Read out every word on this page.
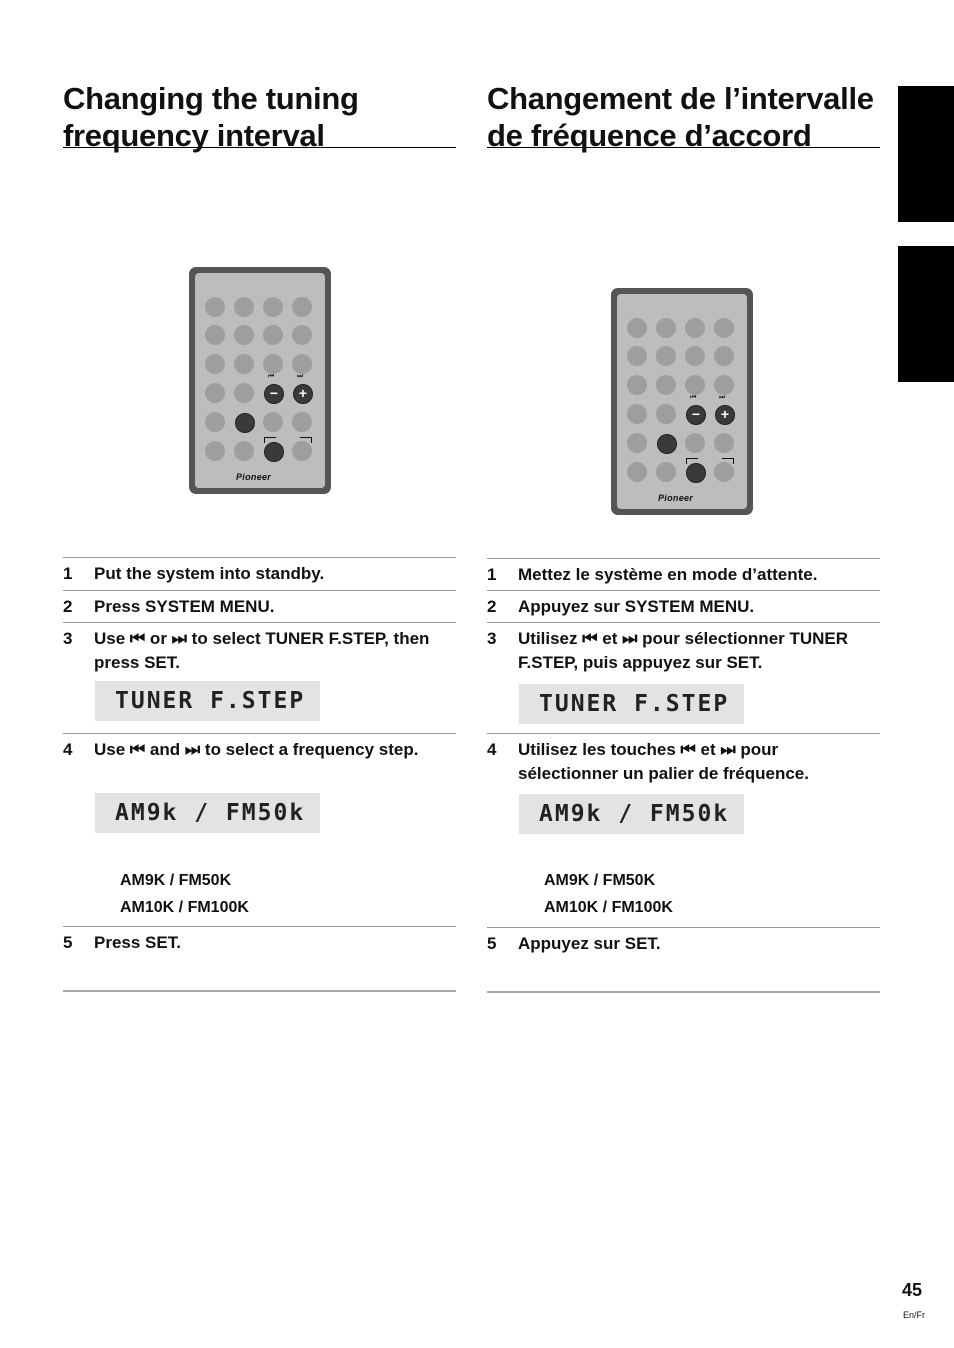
Changing the tuning
frequency interval
⏮	⏭
−	+
Pioneer
1 Put the system into standby.
2 Press SYSTEM MENU.
3 Use ⏮ or ⏭ to select TUNER F.STEP, then press SET.
TUNER F.STEP
4 Use ⏮ and ⏭ to select a frequency step.
AM9k / FM50k
AM9K / FM50K
AM10K / FM100K
5 Press SET.
Changement de l’intervalle
de fréquence d’accord
⏮	⏭
−	+
Pioneer
1 Mettez le système en mode d’attente.
2 Appuyez sur SYSTEM MENU.
3 Utilisez ⏮ et ⏭ pour sélectionner TUNER F.STEP, puis appuyez sur SET.
TUNER F.STEP
4 Utilisez les touches ⏮ et ⏭ pour sélectionner un palier de fréquence.
AM9k / FM50k
AM9K / FM50K
AM10K / FM100K
5 Appuyez sur SET.
45
En/Fr
